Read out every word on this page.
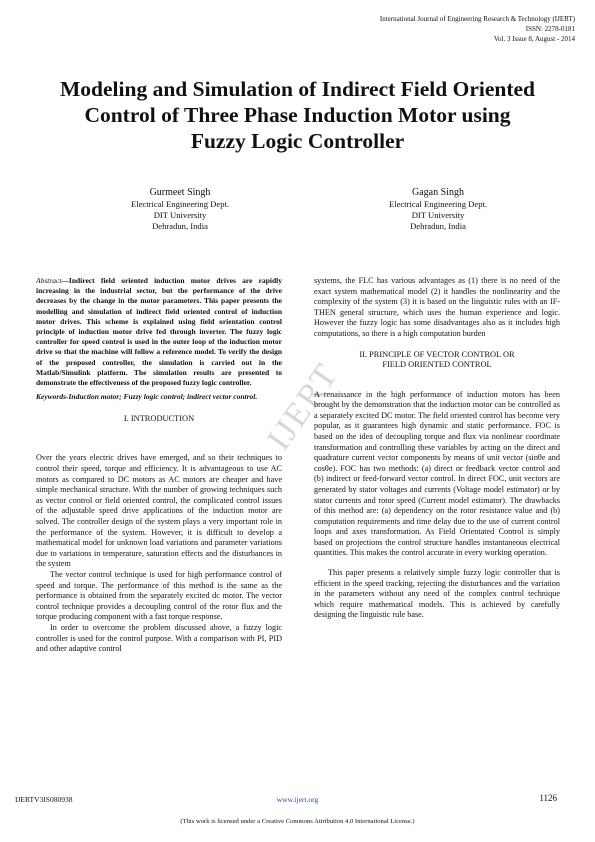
International Journal of Engineering Research & Technology (IJERT)
ISSN: 2278-0181
Vol. 3 Issue 8, August - 2014
Modeling and Simulation of Indirect Field Oriented Control of Three Phase Induction Motor using Fuzzy Logic Controller
Gurmeet Singh
Electrical Engineering Dept.
DIT University
Dehradun, India
Gagan Singh
Electrical Engineering Dept.
DIT University
Dehradun, India
IJERT

Abstract—Indirect field oriented induction motor drives are rapidly increasing in the industrial sector, but the performance of the drive decreases by the change in the motor parameters. This paper presents the modelling and simulation of indirect field oriented control of induction motor drives. This scheme is explained using field orientation control principle of induction motor drive fed through inverter. The fuzzy logic controller for speed control is used in the outer loop of the induction motor drive so that the machine will follow a reference model. To verify the design of the proposed controller, the simulation is carried out in the Matlab/Simulink platform. The simulation results are presented to demonstrate the effectiveness of the proposed fuzzy logic controller.

Keywords-Induction motor; Fuzzy logic control; indirect vector control.

I. INTRODUCTION

Over the years electric drives have emerged, and so their techniques to control their speed, torque and efficiency. It is advantageous to use AC motors as compared to DC motors as AC motors are cheaper and have simple mechanical structure. With the number of growing techniques such as vector control or field oriented control, the complicated control issues of the adjustable speed drive applications of the induction motor are solved. The controller design of the system plays a very important role in the performance of the system. However, it is difficult to develop a mathematical model for unknown load variations and parameter variations due to variations in temperature, saturation effects and the disturbances in the system

The vector control technique is used for high performance control of speed and torque. The performance of this method is the same as the performance is obtained from the separately excited dc motor. The vector control technique provides a decoupling control of the rotor flux and the torque producing component with a fast torque response.

In order to overcome the problem discussed above, a fuzzy logic controller is used for the control purpose. With a comparison with PI, PID and other adaptive control

systems, the FLC has various advantages as (1) there is no need of the exact system mathematical model (2) it handles the nonlinearity and the complexity of the system (3) it is based on the linguistic rules with an IF-THEN general structure, which uses the human experience and logic. However the fuzzy logic has some disadvantages also as it includes high computations, so there is a high computation burden

II. PRINCIPLE OF VECTOR CONTROL OR
FIELD ORIENTED CONTROL

A renaissance in the high performance of induction motors has been brought by the demonstration that the induction motor can be controlled as a separately excited DC motor. The field oriented control has become very popular, as it guarantees high dynamic and static performance. FOC is based on the idea of decoupling torque and flux via nonlinear coordinate transformation and controlling these variables by acting on the direct and quadrature current vector components by means of unit vector (sinθe and cosθe). FOC has two methods: (a) direct or feedback vector control and (b) indirect or feed-forward vector control. In direct FOC, unit vectors are generated by stator voltages and currents (Voltage model estimator) or by stator currents and rotor speed (Current model estimator). The drawbacks of this method are: (a) dependency on the rotor resistance value and (b) computation requirements and time delay due to the use of current control loops and axes transformation. As Field Orientated Control is simply based on projections the control structure handles instantaneous electrical quantities. This makes the control accurate in every working operation.

This paper presents a relatively simple fuzzy logic controller that is efficient in the speed tracking, rejecting the disturbances and the variation in the parameters without any need of the complex control technique which require mathematical models. This is achieved by carefully designing the linguistic rule base.

IJERTV3IS080938	www.ijert.org	1126
(This work is licensed under a Creative Commons Attribution 4.0 International License.)
